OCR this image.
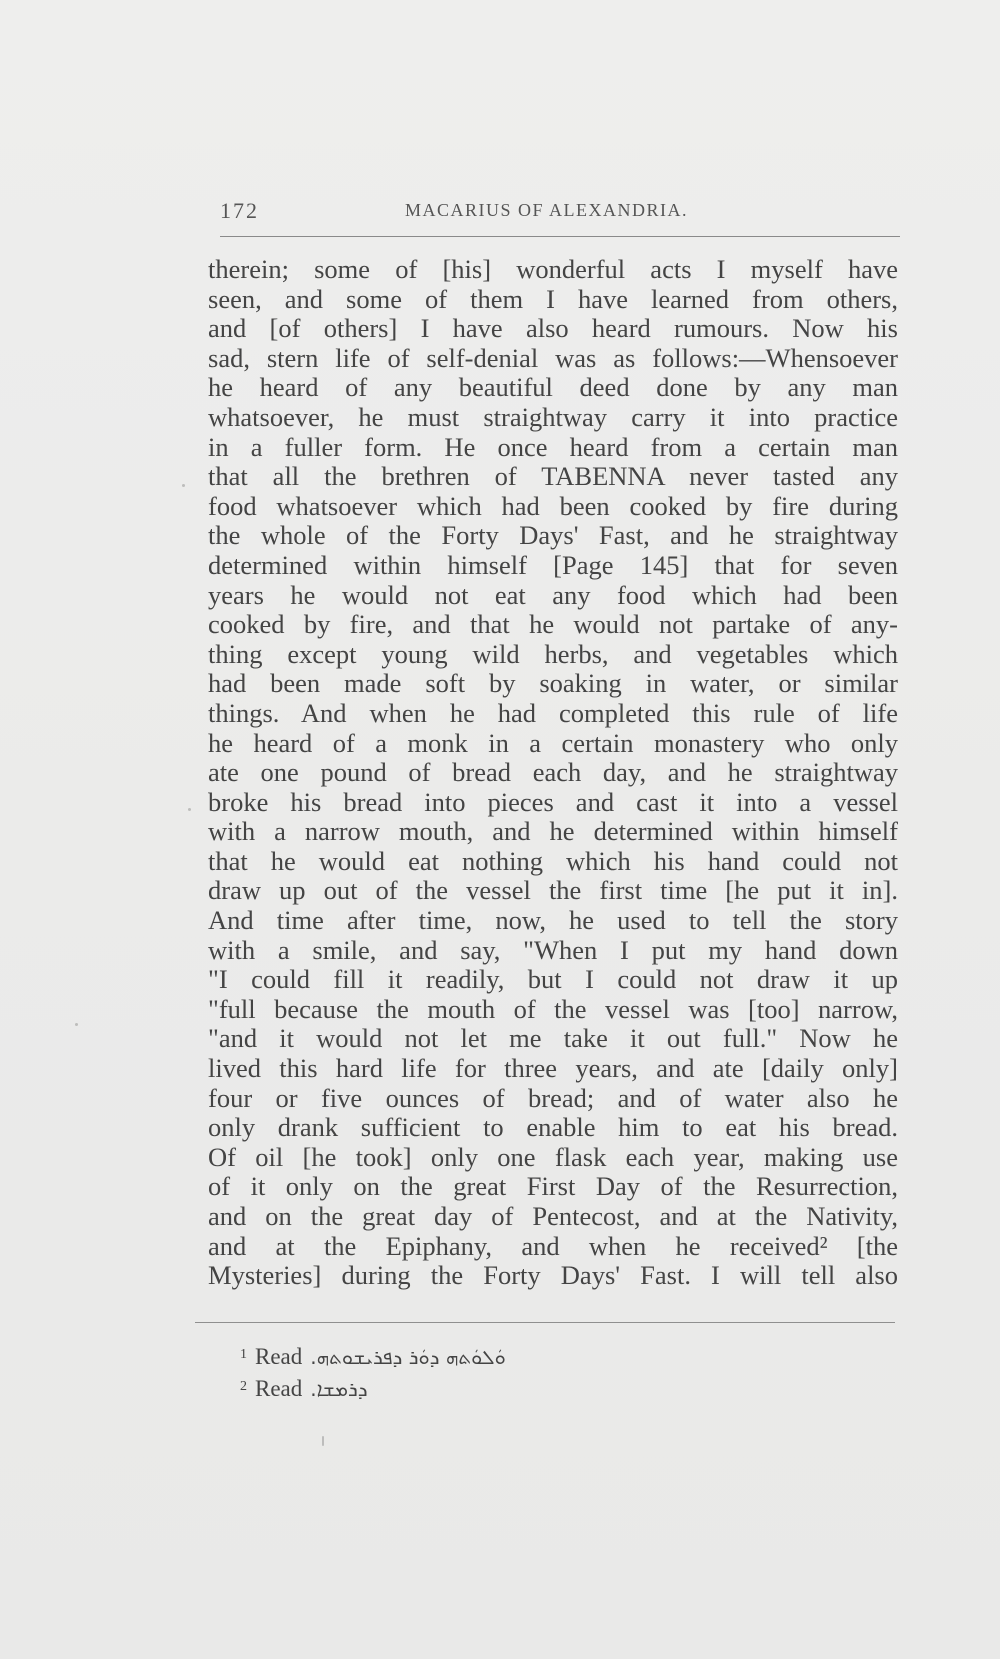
172	MACARIUS OF ALEXANDRIA.
therein; some of [his] wonderful acts I myself have
seen, and some of them I have learned from others,
and [of others] I have also heard rumours. Now his
sad, stern life of self-denial was as follows:—Whensoever
he heard of any beautiful deed done by any man
whatsoever, he must straightway carry it into practice
in a fuller form. He once heard from a certain man
that all the brethren of TABENNA never tasted any
food whatsoever which had been cooked by fire during
the whole of the Forty Days' Fast, and he straightway
determined within himself [Page 145] that for seven
years he would not eat any food which had been
cooked by fire, and that he would not partake of any-
thing except young wild herbs, and vegetables which
had been made soft by soaking in water, or similar
things. And when he had completed this rule of life
he heard of a monk in a certain monastery who only
ate one pound of bread each day, and he straightway
broke his bread into pieces and cast it into a vessel
with a narrow mouth, and he determined within himself
that he would eat nothing which his hand could not
draw up out of the vessel the first time [he put it in].
And time after time, now, he used to tell the story
with a smile, and say, "When I put my hand down
"I could fill it readily, but I could not draw it up
"full because the mouth of the vessel was [too] narrow,
"and it would not let me take it out full." Now he
lived this hard life for three years, and ate [daily only]
four or five ounces of bread; and of water also he
only drank sufficient to enable him to eat his bread.
Of oil [he took] only one flask each year, making use
of it only on the great First Day of the Resurrection,
and on the great day of Pentecost, and at the Nativity,
and at the Epiphany, and when he received² [the
Mysteries] during the Forty Days' Fast. I will tell also
$^1$ Read ܘܿܠܘܿܬܗ ܕܘܿܪ ܕܦܪܝܫܘܬܗ.
$^2$ Read ܕܪܡܫܐ.
